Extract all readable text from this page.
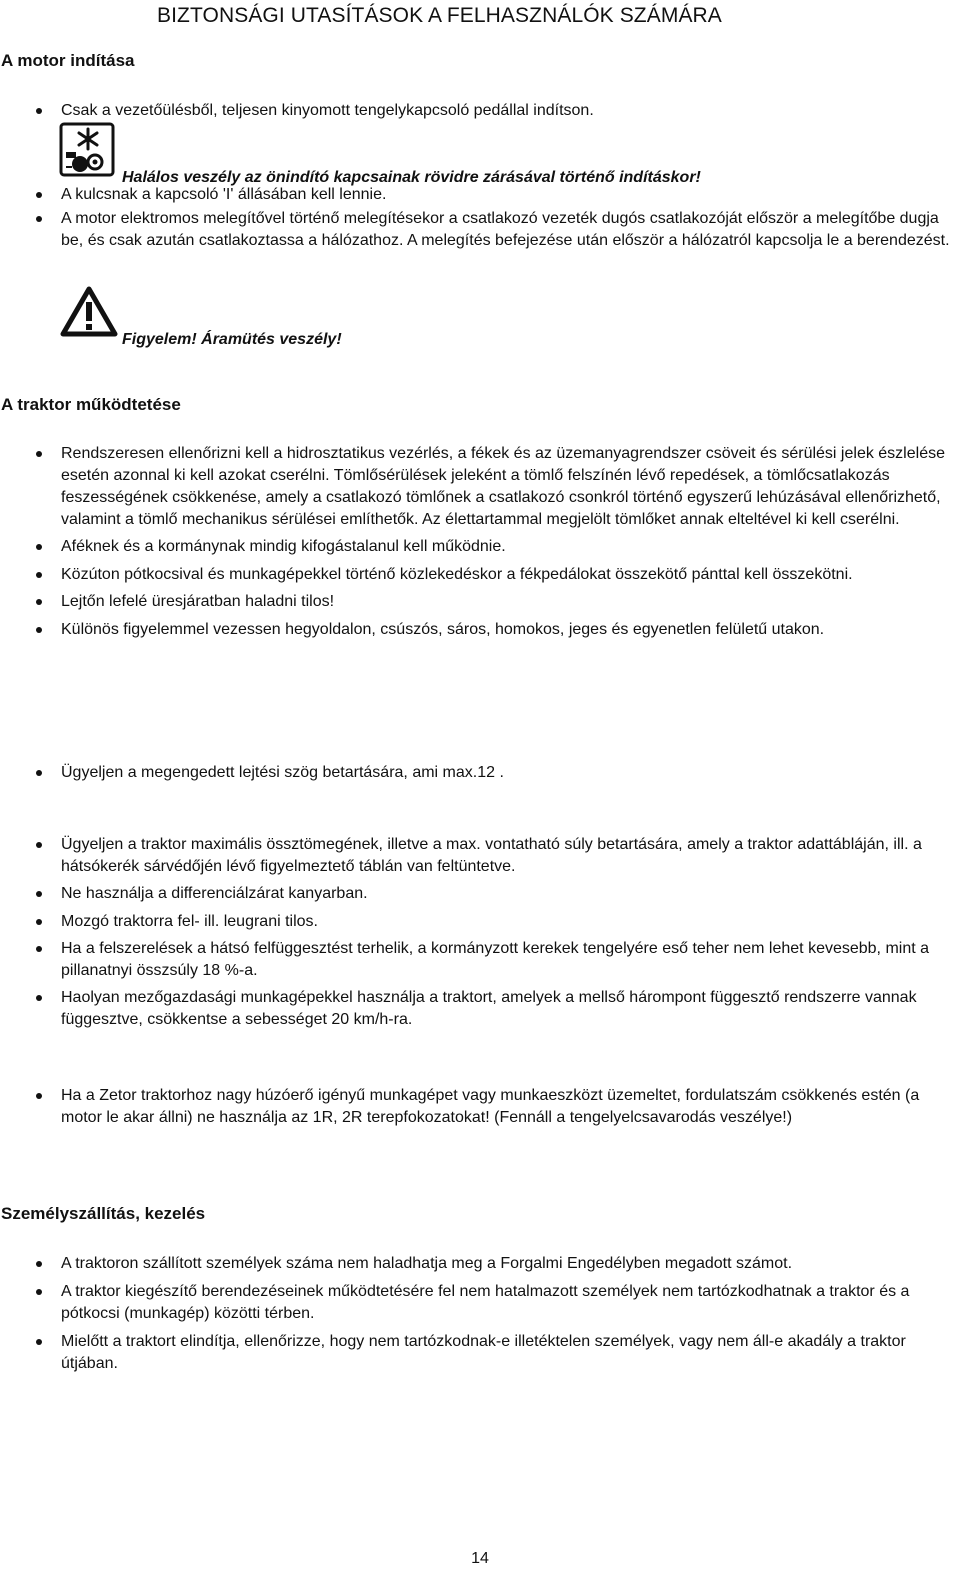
BIZTONSÁGI UTASÍTÁSOK A FELHASZNÁLÓK SZÁMÁRA
A motor indítása
Csak a vezetőülésből, teljesen kinyomott tengelykapcsoló pedállal indítson.
Halálos veszély az önindító kapcsainak rövidre zárásával történő indításkor!
A kulcsnak a kapcsoló 'I' állásában kell lennie.
A motor elektromos melegítővel történő melegítésekor a csatlakozó vezeték dugós csatlakozóját először a melegítőbe dugja be, és csak azután csatlakoztassa a hálózathoz. A melegítés befejezése után először a hálózatról kapcsolja le a berendezést.
Figyelem! Áramütés veszély!
A traktor működtetése
Rendszeresen ellenőrizni kell a hidrosztatikus vezérlés, a fékek és az üzemanyagrendszer csöveit és sérülési jelek észlelése esetén azonnal ki kell azokat cserélni. Tömlősérülések jeleként a tömlő felszínén lévő repedések, a tömlőcsatlakozás feszességének csökkenése, amely a csatlakozó tömlőnek a csatlakozó csonkról történő egyszerű lehúzásával ellenőrizhető, valamint a tömlő mechanikus sérülései említhetők. Az élettartammal megjelölt tömlőket annak elteltével ki kell cserélni.
Aféknek és a kormánynak mindig kifogástalanul kell működnie.
Közúton pótkocsival és munkagépekkel történő közlekedéskor a fékpedálokat összekötő pánttal kell összekötni.
Lejtőn lefelé üresjáratban haladni tilos!
Különös figyelemmel vezessen hegyoldalon, csúszós, sáros, homokos, jeges és egyenetlen felületű utakon.
Ügyeljen a megengedett lejtési szög betartására, ami max.12 .
Ügyeljen a traktor maximális össztömegének, illetve a max. vontatható súly betartására, amely a traktor adattábláján, ill. a hátsókerék sárvédőjén lévő figyelmeztető táblán van feltüntetve.
Ne használja a differenciálzárat kanyarban.
Mozgó traktorra fel- ill. leugrani tilos.
Ha a felszerelések a hátsó felfüggesztést terhelik, a kormányzott kerekek tengelyére eső teher nem lehet kevesebb, mint a pillanatnyi összsúly 18 %-a.
Haolyan mezőgazdasági munkagépekkel használja a traktort, amelyek a mellső hárompont függesztő rendszerre vannak függesztve, csökkentse a sebességet 20 km/h-ra.
Ha a Zetor traktorhoz nagy húzóerő igényű munkagépet vagy munkaeszközt üzemeltet, fordulatszám csökkenés estén (a motor le akar állni) ne használja az 1R, 2R terepfokozatokat! (Fennáll a tengelyelcsavarodás veszélye!)
Személyszállítás, kezelés
A traktoron szállított személyek száma nem haladhatja meg a Forgalmi Engedélyben megadott számot.
A traktor kiegészítő berendezéseinek működtetésére fel nem hatalmazott személyek nem tartózkodhatnak a traktor és a pótkocsi (munkagép) közötti térben.
Mielőtt a traktort elindítja, ellenőrizze, hogy nem tartózkodnak-e illetéktelen személyek, vagy nem áll-e akadály a traktor útjában.
14
